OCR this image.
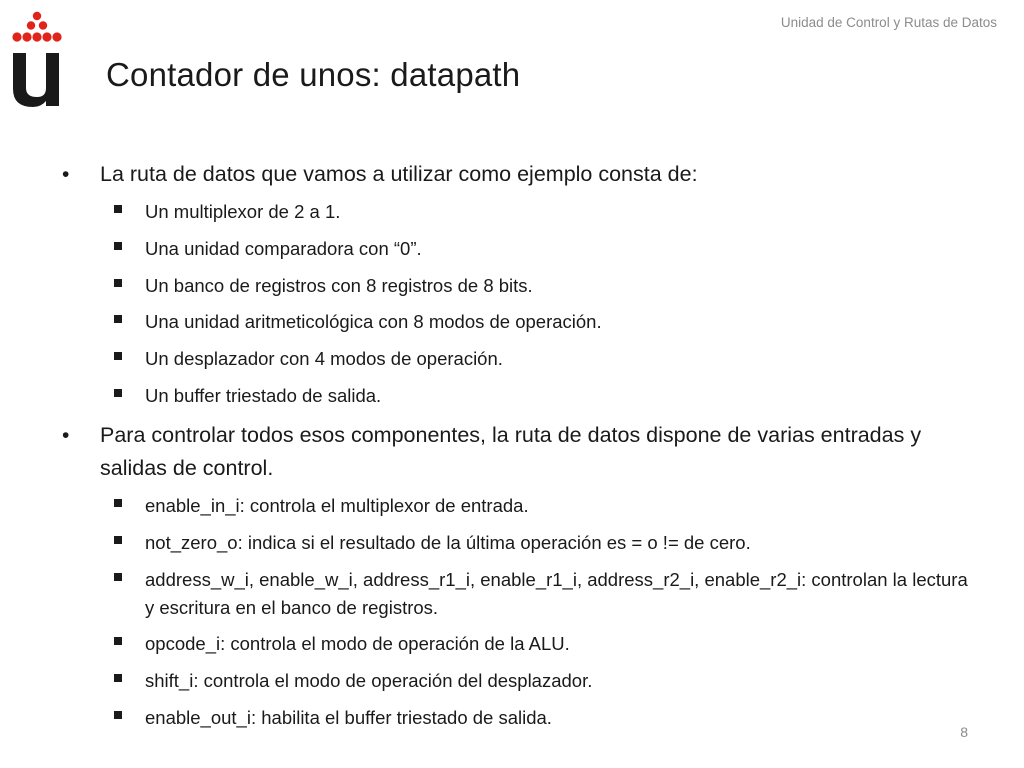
Unidad de Control y Rutas de Datos
Contador de unos: datapath
• La ruta de datos que vamos a utilizar como ejemplo consta de:
Un multiplexor de 2 a 1.
Una unidad comparadora con “0”.
Un banco de registros con 8 registros de 8 bits.
Una unidad aritmeticológica con 8 modos de operación.
Un desplazador con 4 modos de operación.
Un buffer triestado de salida.
• Para controlar todos esos componentes, la ruta de datos dispone de varias entradas y salidas de control.
enable_in_i: controla el multiplexor de entrada.
not_zero_o: indica si el resultado de la última operación es = o != de cero.
address_w_i, enable_w_i, address_r1_i, enable_r1_i, address_r2_i, enable_r2_i: controlan la lectura y escritura en el banco de registros.
opcode_i: controla el modo de operación de la ALU.
shift_i: controla el modo de operación del desplazador.
enable_out_i: habilita el buffer triestado de salida.
8
